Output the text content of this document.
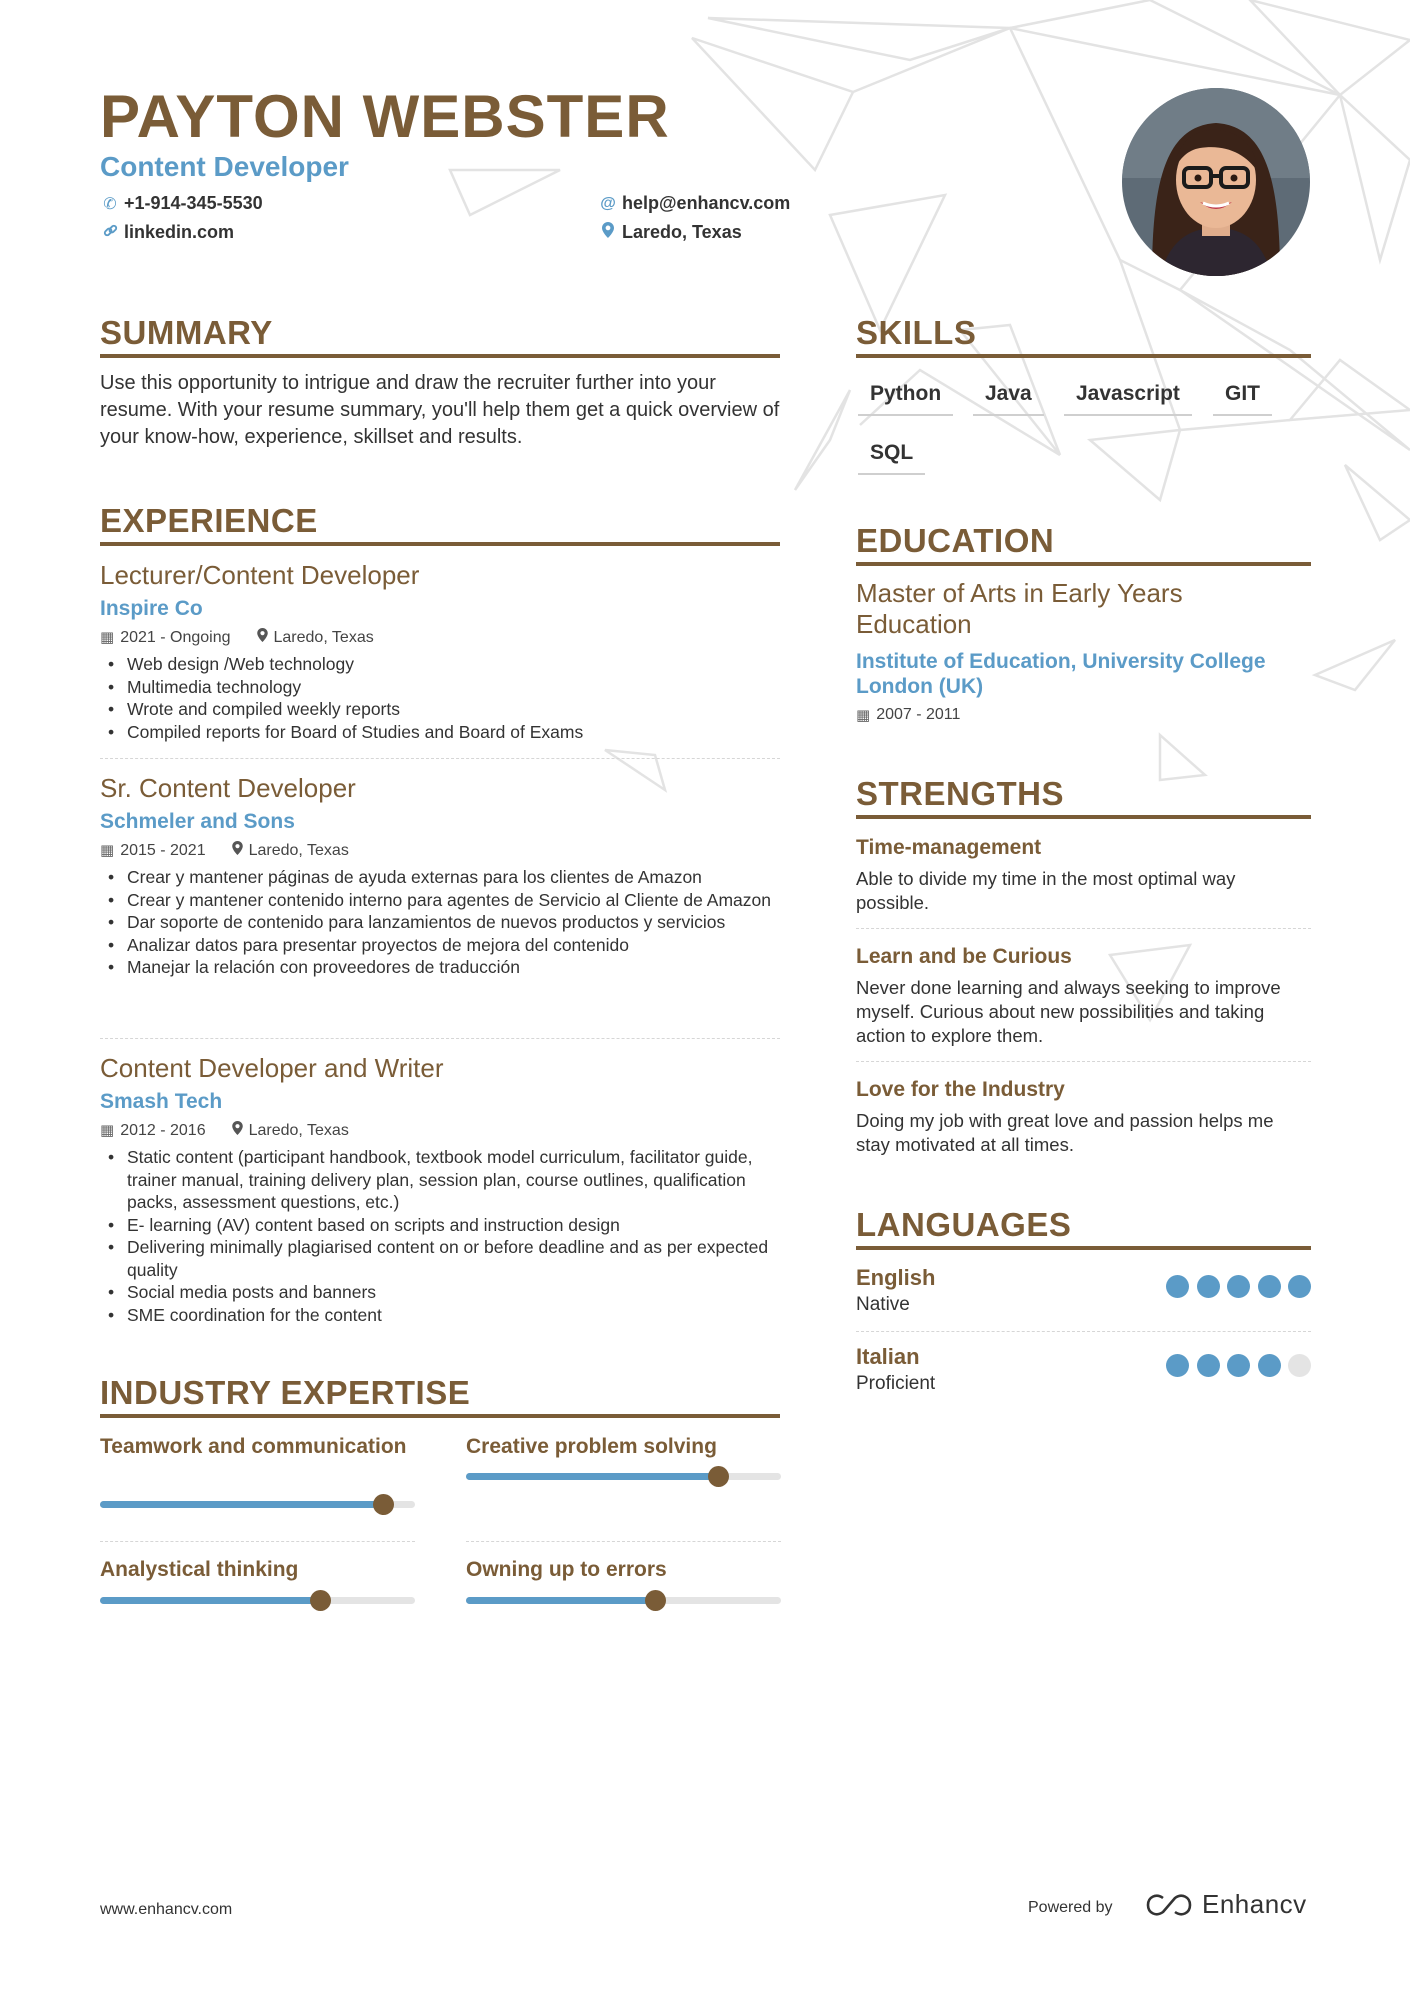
PAYTON WEBSTER
Content Developer
✆ +1-914-345-5530	@ help@enhancv.com
linkedin.com	Laredo, Texas
SUMMARY
Use this opportunity to intrigue and draw the recruiter further into your resume. With your resume summary, you'll help them get a quick overview of your know-how, experience, skillset and results.
EXPERIENCE
Lecturer/Content Developer
Inspire Co
▦ 2021 - Ongoing	Laredo, Texas
• Web design /Web technology
• Multimedia technology
• Wrote and compiled weekly reports
• Compiled reports for Board of Studies and Board of Exams
Sr. Content Developer
Schmeler and Sons
▦ 2015 - 2021	Laredo, Texas
• Crear y mantener páginas de ayuda externas para los clientes de Amazon
• Crear y mantener contenido interno para agentes de Servicio al Cliente de Amazon
• Dar soporte de contenido para lanzamientos de nuevos productos y servicios
• Analizar datos para presentar proyectos de mejora del contenido
• Manejar la relación con proveedores de traducción
Content Developer and Writer
Smash Tech
▦ 2012 - 2016	Laredo, Texas
• Static content (participant handbook, textbook model curriculum, facilitator guide, trainer manual, training delivery plan, session plan, course outlines, qualification packs, assessment questions, etc.)
• E- learning (AV) content based on scripts and instruction design
• Delivering minimally plagiarised content on or before deadline and as per expected quality
• Social media posts and banners
• SME coordination for the content
INDUSTRY EXPERTISE
Teamwork and communication	Creative problem solving
Analystical thinking	Owning up to errors
SKILLS
Python	Java	Javascript	GIT
SQL
EDUCATION
Master of Arts in Early Years Education
Institute of Education, University College London (UK)
▦ 2007 - 2011
STRENGTHS
Time-management
Able to divide my time in the most optimal way possible.
Learn and be Curious
Never done learning and always seeking to improve myself. Curious about new possibilities and taking action to explore them.
Love for the Industry
Doing my job with great love and passion helps me stay motivated at all times.
LANGUAGES
English
Native
Italian
Proficient
www.enhancv.com	Powered by	Enhancv
